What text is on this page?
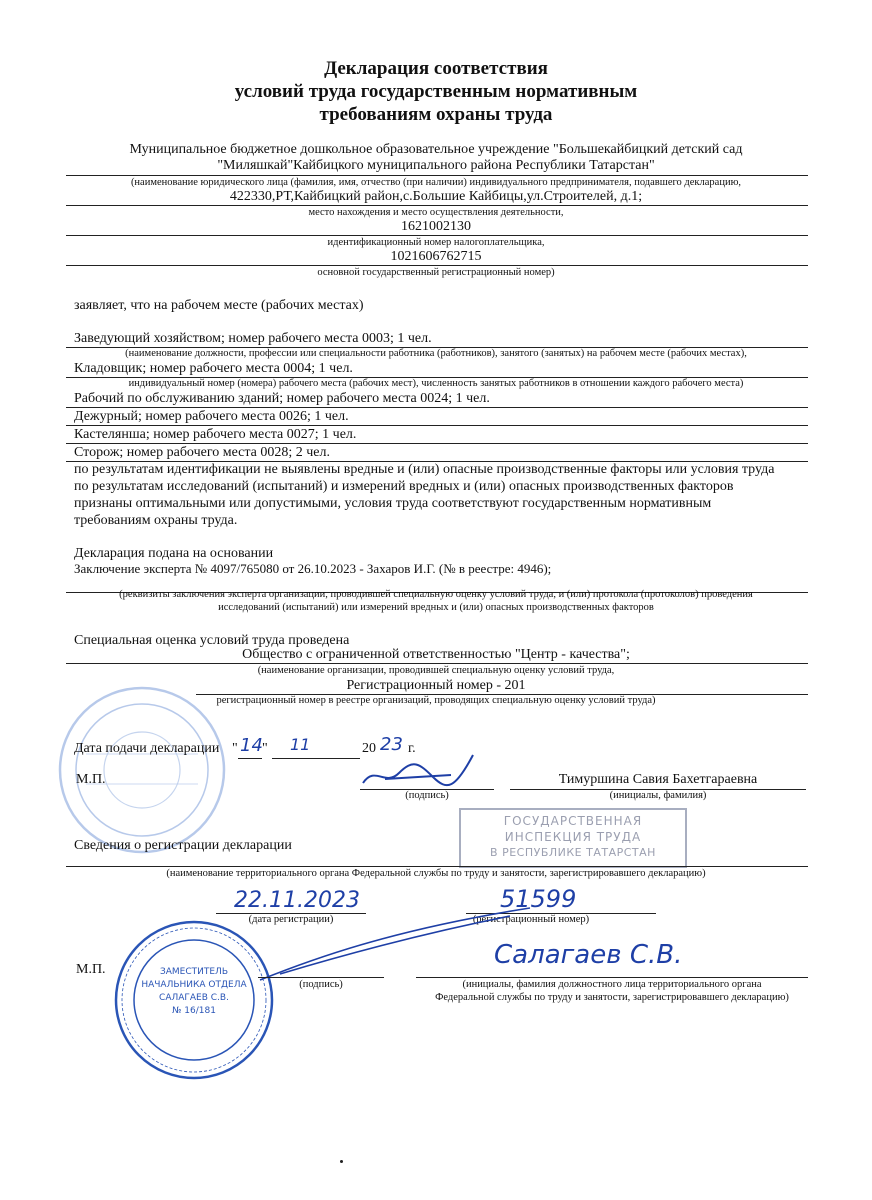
Декларация соответствия
условий труда государственным нормативным
требованиям охраны труда
Муниципальное бюджетное дошкольное образовательное учреждение "Большекайбицкий детский сад
"Миляшкай"Кайбицкого муниципального района Республики Татарстан"
(наименование юридического лица (фамилия, имя, отчество (при наличии) индивидуального предпринимателя, подавшего декларацию,
422330,РТ,Кайбицкий район,с.Большие Кайбицы,ул.Строителей, д.1;
место нахождения и место осуществления деятельности,
1621002130
идентификационный номер налогоплательщика,
1021606762715
основной государственный регистрационный номер)
заявляет, что на рабочем месте (рабочих местах)
Заведующий хозяйством; номер рабочего места 0003; 1 чел.
(наименование должности, профессии или специальности работника (работников), занятого (занятых) на рабочем месте (рабочих местах),
Кладовщик; номер рабочего места 0004; 1 чел.
индивидуальный номер (номера) рабочего места (рабочих мест), численность занятых работников в отношении каждого рабочего места)
Рабочий по обслуживанию зданий; номер рабочего места 0024; 1 чел.
Дежурный; номер рабочего места 0026; 1 чел.
Кастелянша; номер рабочего места 0027; 1 чел.
Сторож; номер рабочего места 0028; 2 чел.
по результатам идентификации не выявлены вредные и (или) опасные производственные факторы или условия труда
по результатам исследований (испытаний) и измерений вредных и (или) опасных производственных факторов
признаны оптимальными или допустимыми, условия труда соответствуют государственным нормативным
требованиям охраны труда.
Декларация подана на основании
Заключение эксперта № 4097/765080 от 26.10.2023 - Захаров И.Г. (№ в реестре: 4946);
(реквизиты заключения эксперта организации, проводившей специальную оценку условий труда, и (или) протокола (протоколов) проведения
исследований (испытаний) или измерений вредных и (или) опасных производственных факторов
Специальная оценка условий труда проведена
Общество с ограниченной ответственностью "Центр - качества";
(наименование организации, проводившей специальную оценку условий труда,
Регистрационный номер - 201
регистрационный номер в реестре организаций, проводящих специальную оценку условий труда)
Дата подачи декларации " 14 " 11	20 23 г.
М.П.
(подпись)
Тимуршина Савия Бахетгараевна
(инициалы, фамилия)
ГОСУДАРСТВЕННАЯ
ИНСПЕКЦИЯ ТРУДА
В РЕСПУБЛИКЕ ТАТАРСТАН
Сведения о регистрации декларации
(наименование территориального органа Федеральной службы по труду и занятости, зарегистрировавшего декларацию)
22.11.2023
(дата регистрации)
51599
(регистрационный номер)
М.П.	ЗАМЕСТИТЕЛЬ
НАЧАЛЬНИКА ОТДЕЛА
САЛАГАЕВ С.В.
№ 16/181
(подпись)
Салагаев С.В.
(инициалы, фамилия должностного лица территориального органа
Федеральной службы по труду и занятости, зарегистрировавшего декларацию)
